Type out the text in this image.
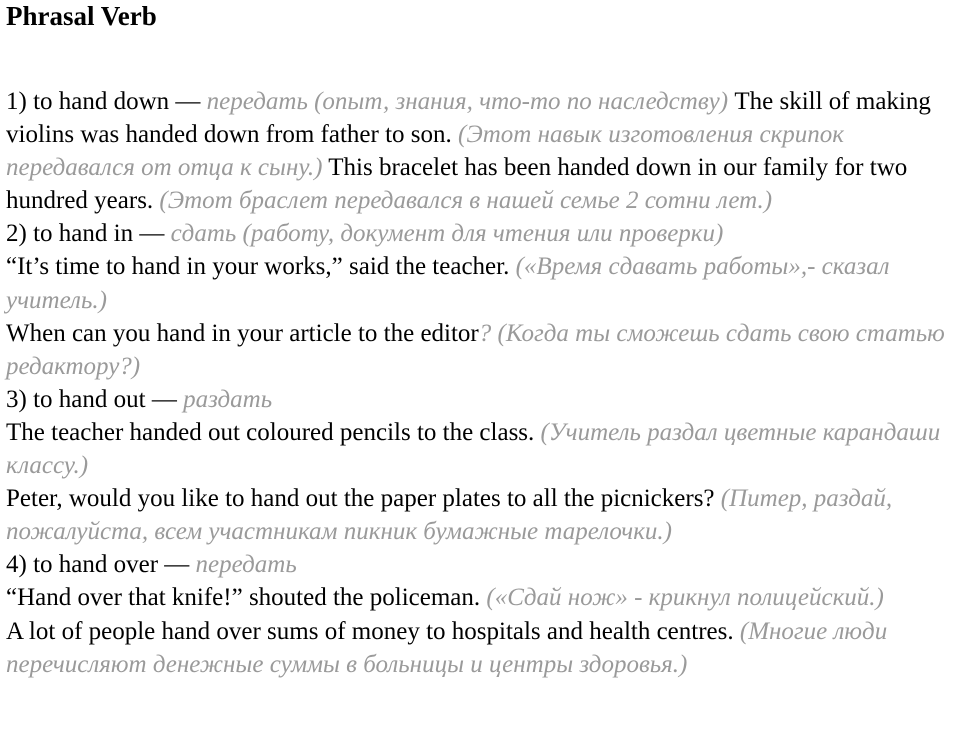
Phrasal Verb

1) to hand down — передать (опыт, знания, что-то по наследству) The skill of making violins was handed down from father to son. (Этот навык изготовления скрипок передавался от отца к сыну.) This bracelet has been handed down in our family for two hundred years. (Этот браслет передавался в нашей семье 2 сотни лет.)

2) to hand in — сдать (работу, документ для чтения или проверки)

“It’s time to hand in your works,” said the teacher. («Время сдавать работы»,- сказал учитель.)

When can you hand in your article to the editor? (Когда ты сможешь сдать свою статью редактору?)

3) to hand out — раздать

The teacher handed out coloured pencils to the class. (Учитель раздал цветные карандаши классу.)

Peter, would you like to hand out the paper plates to all the picnickers? (Питер, раздай, пожалуйста, всем участникам пикник бумажные тарелочки.)

4) to hand over — передать

“Hand over that knife!” shouted the policeman. («Сдай нож» - крикнул полицейский.)

A lot of people hand over sums of money to hospitals and health centres. (Многие люди перечисляют денежные суммы в больницы и центры здоровья.)
